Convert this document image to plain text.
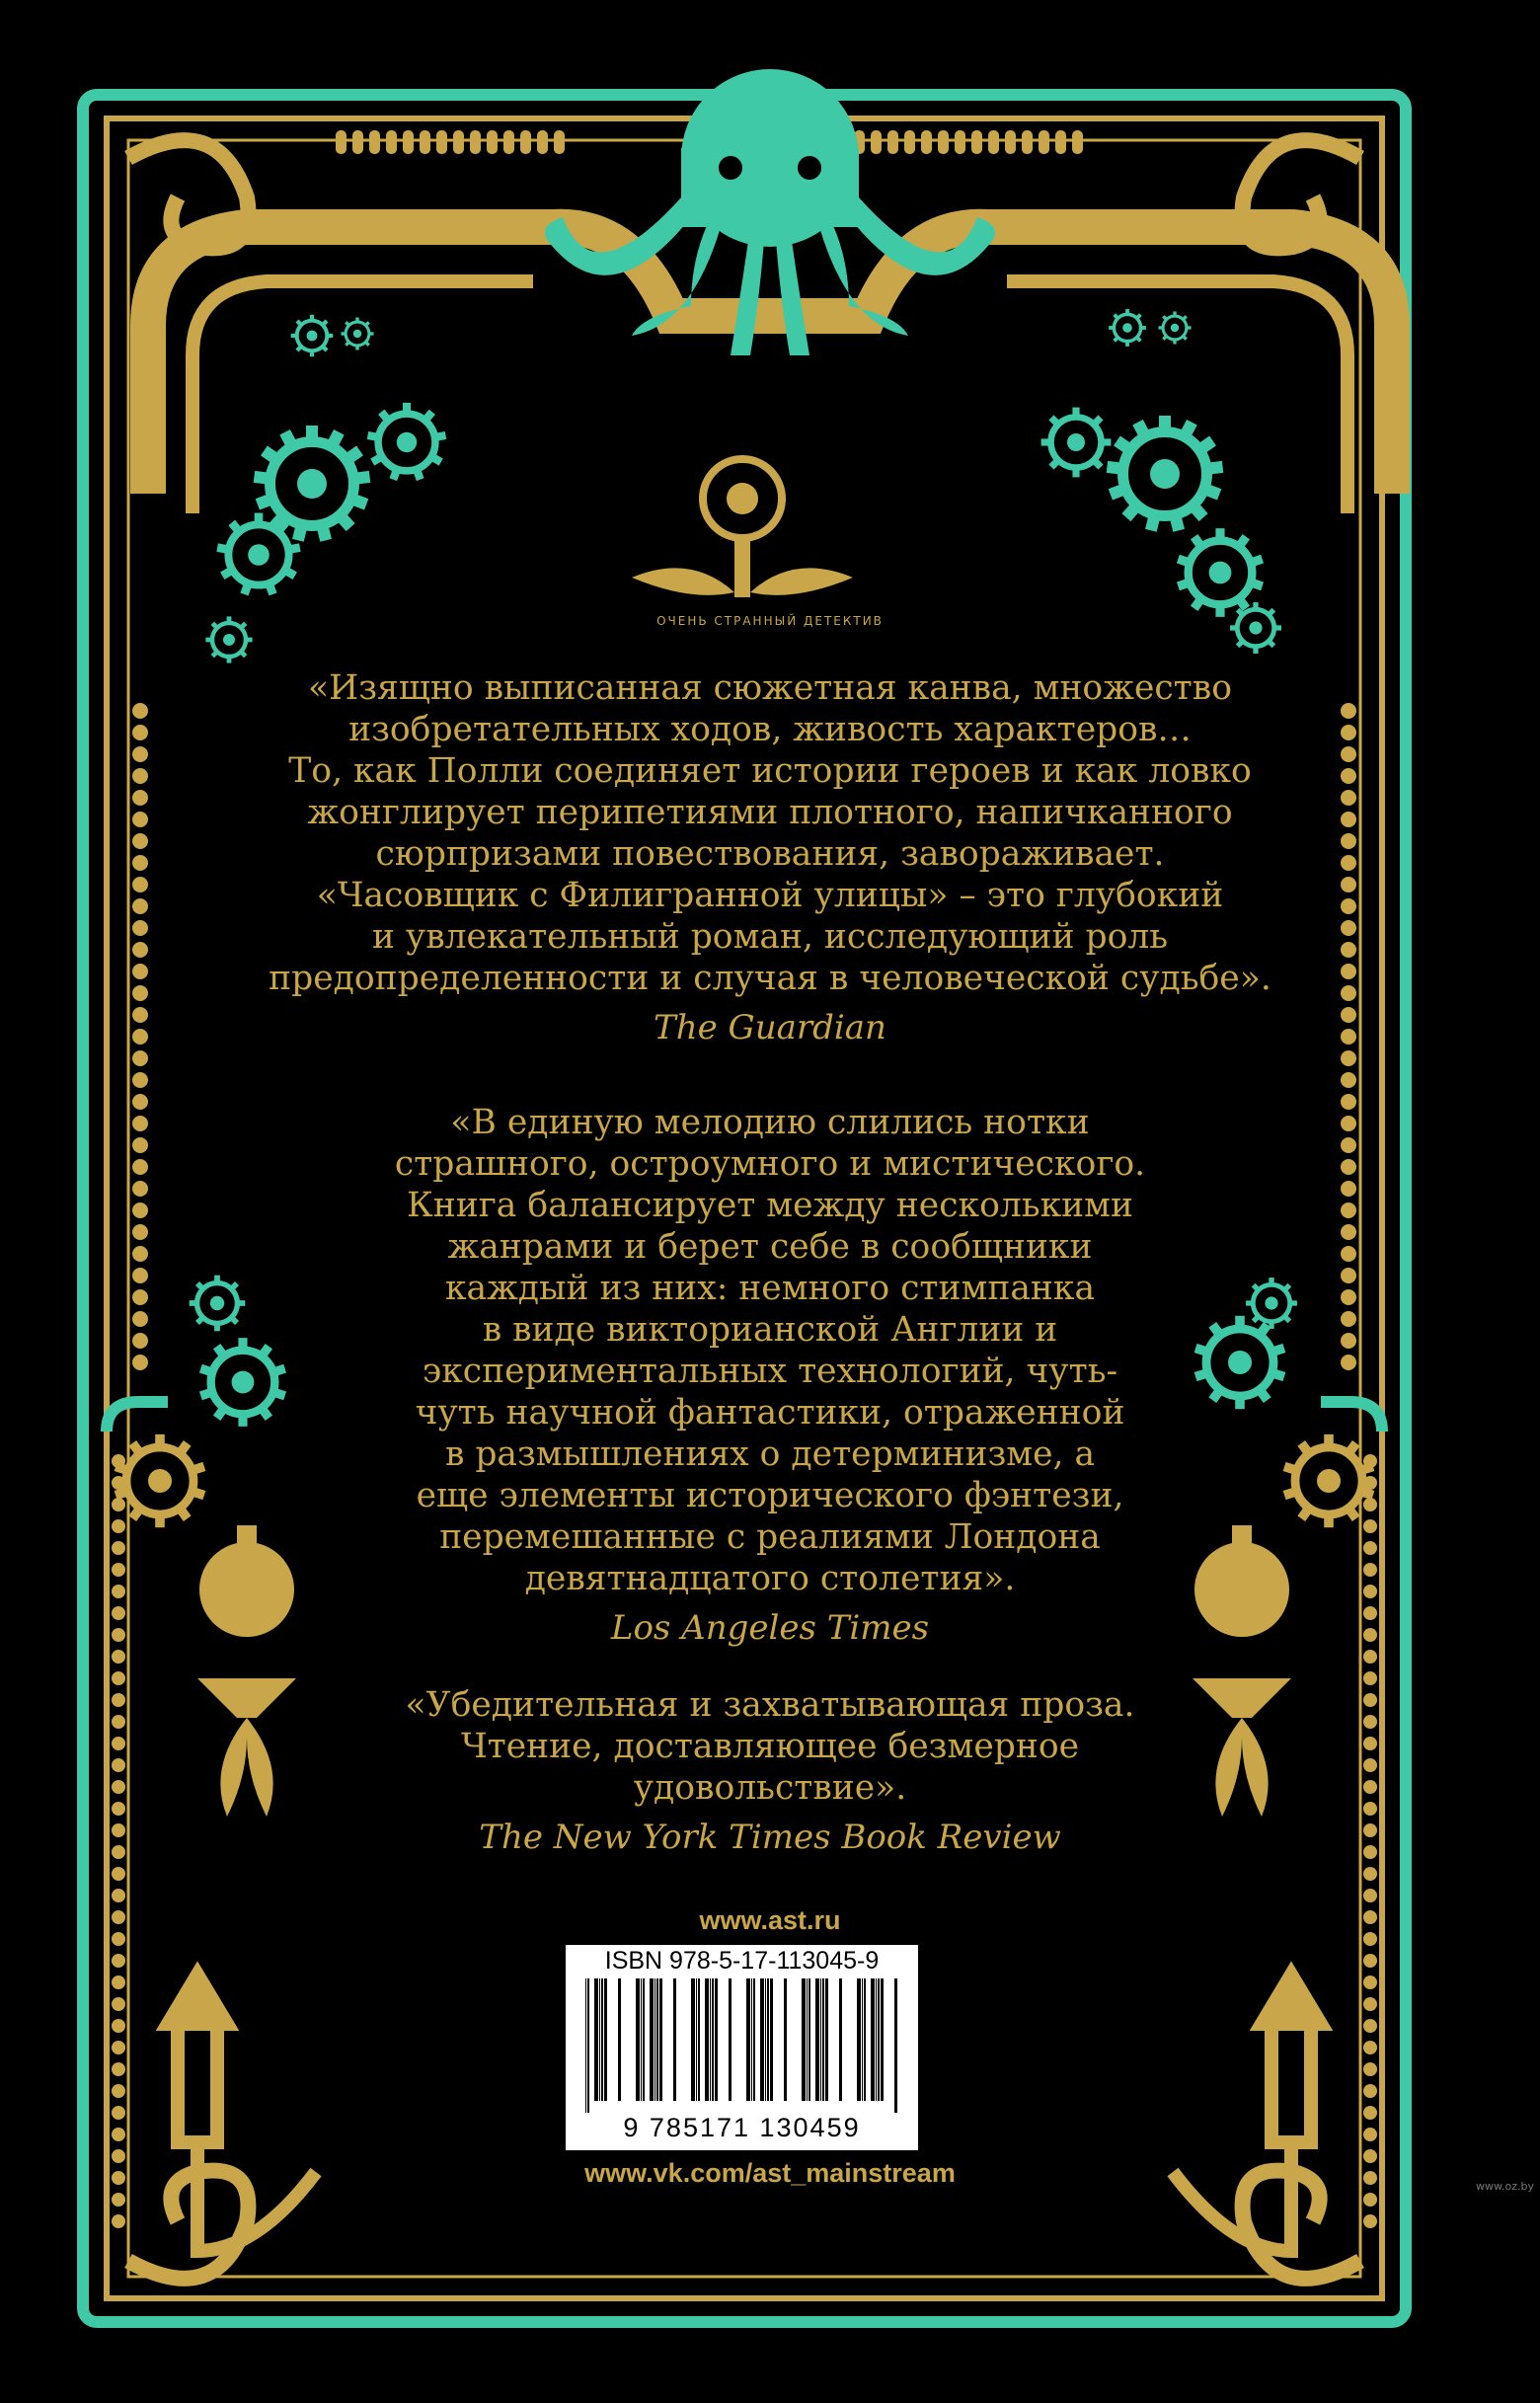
ОЧЕНЬ СТРАННЫЙ ДЕТЕКТИВ

«Изящно выписанная сюжетная канва, множество

изобретательных ходов, живость характеров…

То, как Полли соединяет истории героев и как ловко

жонглирует перипетиями плотного, напичканного

сюрпризами повествования, завораживает.

«Часовщик с Филигранной улицы» – это глубокий

и увлекательный роман, исследующий роль

предопределенности и случая в человеческой судьбе».

The Guardian

«В единую мелодию слились нотки

страшного, остроумного и мистического.

Книга балансирует между несколькими

жанрами и берет себе в сообщники

каждый из них: немного стимпанка

в виде викторианской Англии и

экспериментальных технологий, чуть-

чуть научной фантастики, отраженной

в размышлениях о детерминизме, а

еще элементы исторического фэнтези,

перемешанные с реалиями Лондона

девятнадцатого столетия».

Los Angeles Times

«Убедительная и захватывающая проза.

Чтение, доставляющее безмерное

удовольствие».

The New York Times Book Review
www.ast.ru
ISBN 978-5-17-113045-9
9 785171 130459
www.vk.com/ast_mainstream	www.oz.by
